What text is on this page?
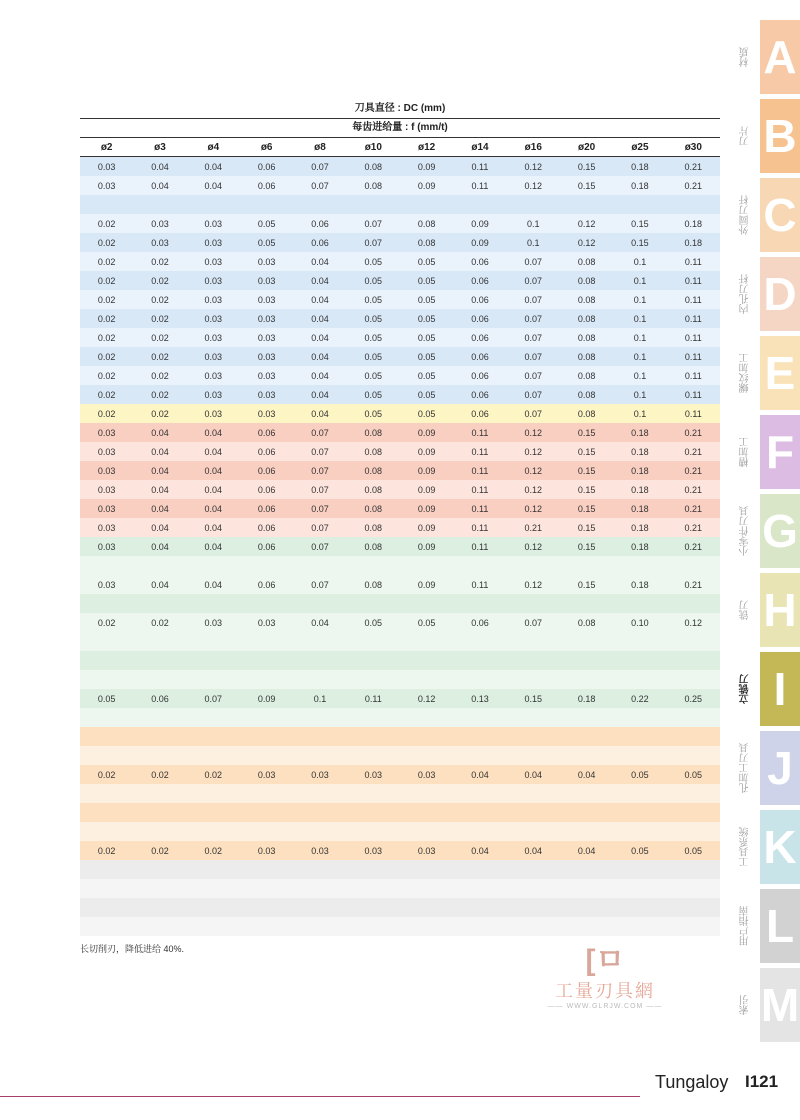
刀具直径 : DC (mm)
每齿进给量 : f (mm/t)
ø2	ø3	ø4	ø6	ø8	ø10	ø12	ø14	ø16	ø20	ø25	ø30
0.03	0.04	0.04	0.06	0.07	0.08	0.09	0.11	0.12	0.15	0.18	0.21
0.03	0.04	0.04	0.06	0.07	0.08	0.09	0.11	0.12	0.15	0.18	0.21

0.02	0.03	0.03	0.05	0.06	0.07	0.08	0.09	0.1	0.12	0.15	0.18
0.02	0.03	0.03	0.05	0.06	0.07	0.08	0.09	0.1	0.12	0.15	0.18
0.02	0.02	0.03	0.03	0.04	0.05	0.05	0.06	0.07	0.08	0.1	0.11
0.02	0.02	0.03	0.03	0.04	0.05	0.05	0.06	0.07	0.08	0.1	0.11
0.02	0.02	0.03	0.03	0.04	0.05	0.05	0.06	0.07	0.08	0.1	0.11
0.02	0.02	0.03	0.03	0.04	0.05	0.05	0.06	0.07	0.08	0.1	0.11
0.02	0.02	0.03	0.03	0.04	0.05	0.05	0.06	0.07	0.08	0.1	0.11
0.02	0.02	0.03	0.03	0.04	0.05	0.05	0.06	0.07	0.08	0.1	0.11
0.02	0.02	0.03	0.03	0.04	0.05	0.05	0.06	0.07	0.08	0.1	0.11
0.02	0.02	0.03	0.03	0.04	0.05	0.05	0.06	0.07	0.08	0.1	0.11
0.02	0.02	0.03	0.03	0.04	0.05	0.05	0.06	0.07	0.08	0.1	0.11
0.03	0.04	0.04	0.06	0.07	0.08	0.09	0.11	0.12	0.15	0.18	0.21
0.03	0.04	0.04	0.06	0.07	0.08	0.09	0.11	0.12	0.15	0.18	0.21
0.03	0.04	0.04	0.06	0.07	0.08	0.09	0.11	0.12	0.15	0.18	0.21
0.03	0.04	0.04	0.06	0.07	0.08	0.09	0.11	0.12	0.15	0.18	0.21
0.03	0.04	0.04	0.06	0.07	0.08	0.09	0.11	0.12	0.15	0.18	0.21
0.03	0.04	0.04	0.06	0.07	0.08	0.09	0.11	0.21	0.15	0.18	0.21
0.03	0.04	0.04	0.06	0.07	0.08	0.09	0.11	0.12	0.15	0.18	0.21

0.03	0.04	0.04	0.06	0.07	0.08	0.09	0.11	0.12	0.15	0.18	0.21

0.02	0.02	0.03	0.03	0.04	0.05	0.05	0.06	0.07	0.08	0.10	0.12

0.05	0.06	0.07	0.09	0.1	0.11	0.12	0.13	0.15	0.18	0.22	0.25

0.02	0.02	0.02	0.03	0.03	0.03	0.03	0.04	0.04	0.04	0.05	0.05

0.02	0.02	0.02	0.03	0.03	0.03	0.03	0.04	0.04	0.04	0.05	0.05

长切削刃，降低进给 40%.	[ㅁ
工量刃具網
—— WWW.GLRJW.COM ——
材质 A
刀片 B
外圆刀杆 C
内孔刀杆 D
螺纹加工 E
槽加工 F
小零件刀具 G
铣刀 H
立铣刀 I
孔加工刀具 J
工具系统 K
用户指南 L
索引 M
Tungaloy I121
